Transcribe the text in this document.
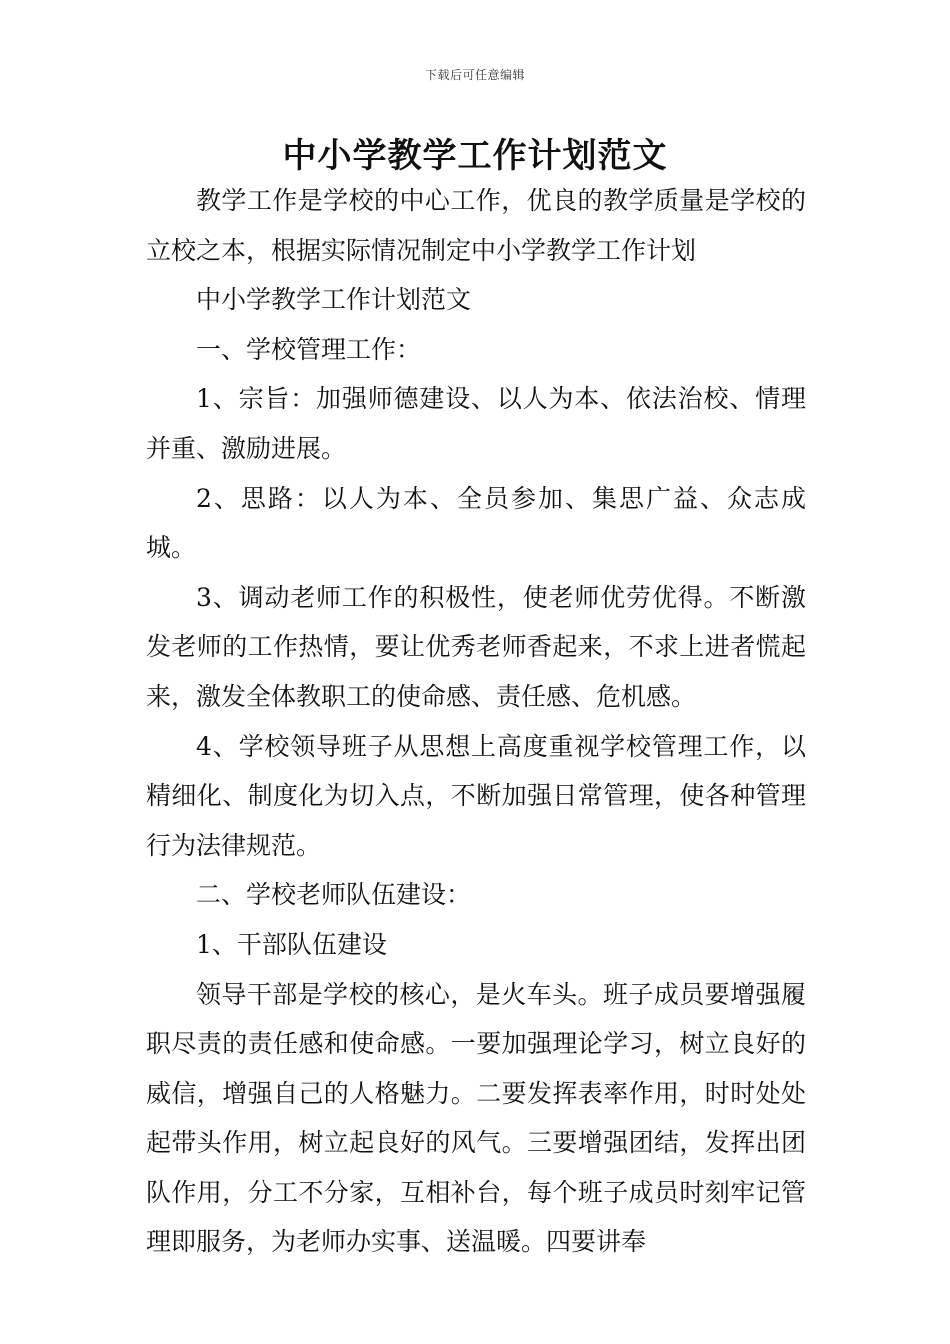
下载后可任意编辑
中小学教学工作计划范文

教学工作是学校的中心工作，优良的教学质量是学校的立校之本，根据实际情况制定中小学教学工作计划

中小学教学工作计划范文

一、学校管理工作：

1、宗旨：加强师德建设、以人为本、依法治校、情理并重、激励进展。

2、思路：以人为本、全员参加、集思广益、众志成城。

3、调动老师工作的积极性，使老师优劳优得。不断激发老师的工作热情，要让优秀老师香起来，不求上进者慌起来，激发全体教职工的使命感、责任感、危机感。

4、学校领导班子从思想上高度重视学校管理工作，以精细化、制度化为切入点，不断加强日常管理，使各种管理行为法律规范。

二、学校老师队伍建设：

1、干部队伍建设

领导干部是学校的核心，是火车头。班子成员要增强履职尽责的责任感和使命感。一要加强理论学习，树立良好的威信，增强自己的人格魅力。二要发挥表率作用，时时处处起带头作用，树立起良好的风气。三要增强团结，发挥出团队作用，分工不分家，互相补台，每个班子成员时刻牢记管理即服务，为老师办实事、送温暖。四要讲奉
